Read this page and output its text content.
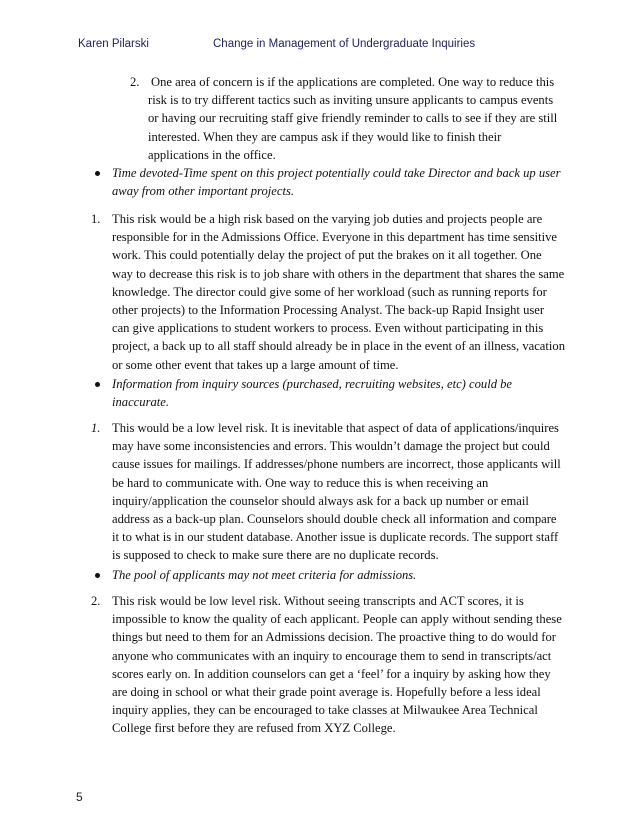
Karen Pilarski	Change in Management of Undergraduate Inquiries
2. One area of concern is if the applications are completed. One way to reduce this
risk is to try different tactics such as inviting unsure applicants to campus events
or having our recruiting staff give friendly reminder to calls to see if they are still
interested. When they are campus ask if they would like to finish their
applications in the office.
Time devoted-Time spent on this project potentially could take Director and back up user
away from other important projects.
1. This risk would be a high risk based on the varying job duties and projects people are
responsible for in the Admissions Office. Everyone in this department has time sensitive
work. This could potentially delay the project of put the brakes on it all together. One
way to decrease this risk is to job share with others in the department that shares the same
knowledge. The director could give some of her workload (such as running reports for
other projects) to the Information Processing Analyst. The back-up Rapid Insight user
can give applications to student workers to process. Even without participating in this
project, a back up to all staff should already be in place in the event of an illness, vacation
or some other event that takes up a large amount of time.
Information from inquiry sources (purchased, recruiting websites, etc) could be
inaccurate.
1. This would be a low level risk. It is inevitable that aspect of data of applications/inquires
may have some inconsistencies and errors. This wouldn’t damage the project but could
cause issues for mailings. If addresses/phone numbers are incorrect, those applicants will
be hard to communicate with. One way to reduce this is when receiving an
inquiry/application the counselor should always ask for a back up number or email
address as a back-up plan. Counselors should double check all information and compare
it to what is in our student database. Another issue is duplicate records. The support staff
is supposed to check to make sure there are no duplicate records.
The pool of applicants may not meet criteria for admissions.
2. This risk would be low level risk. Without seeing transcripts and ACT scores, it is
impossible to know the quality of each applicant. People can apply without sending these
things but need to them for an Admissions decision. The proactive thing to do would for
anyone who communicates with an inquiry to encourage them to send in transcripts/act
scores early on. In addition counselors can get a ‘feel’ for a inquiry by asking how they
are doing in school or what their grade point average is. Hopefully before a less ideal
inquiry applies, they can be encouraged to take classes at Milwaukee Area Technical
College first before they are refused from XYZ College.
5
